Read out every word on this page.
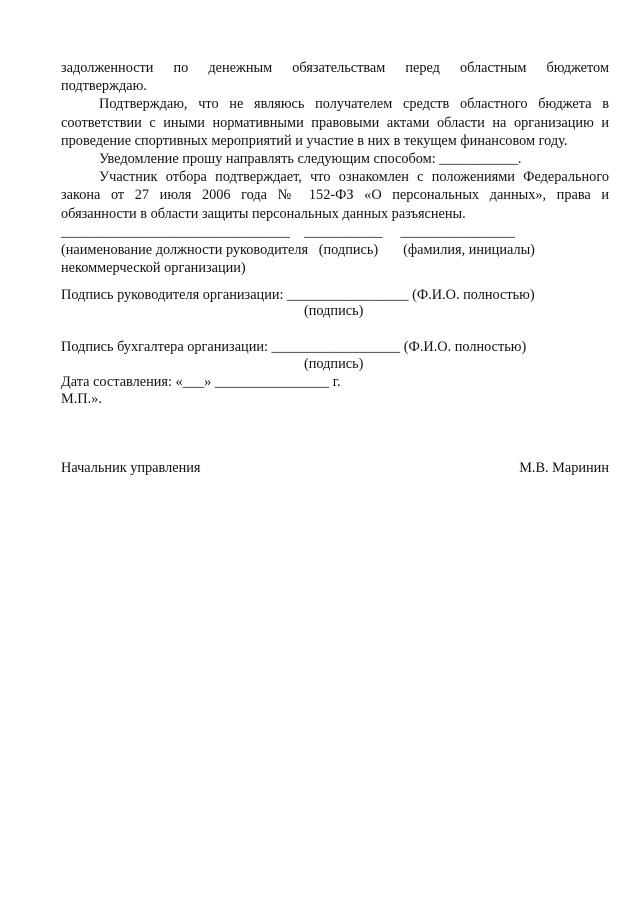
задолженности по денежным обязательствам перед областным бюджетом

подтверждаю.

Подтверждаю, что не являюсь получателем средств областного бюджета в

соответствии с иными нормативными правовыми актами области на организацию и

проведение спортивных мероприятий и участие в них в текущем финансовом году.

Уведомление прошу направлять следующим способом: ___________.

Участник отбора подтверждает, что ознакомлен с положениями Федерального

закона от 27 июля 2006 года № 152-ФЗ «О персональных данных», права и

обязанности в области защиты персональных данных разъяснены.

________________________________    ___________     ________________

(наименование должности руководителя   (подпись)       (фамилия, инициалы)

некоммерческой организации)

Подпись руководителя организации: _________________ (Ф.И.О. полностью)
(подпись)
Подпись бухгалтера организации: __________________ (Ф.И.О. полностью)
(подпись)
Дата составления: «___» ________________ г.
М.П.».
Начальник управления	М.В. Маринин
